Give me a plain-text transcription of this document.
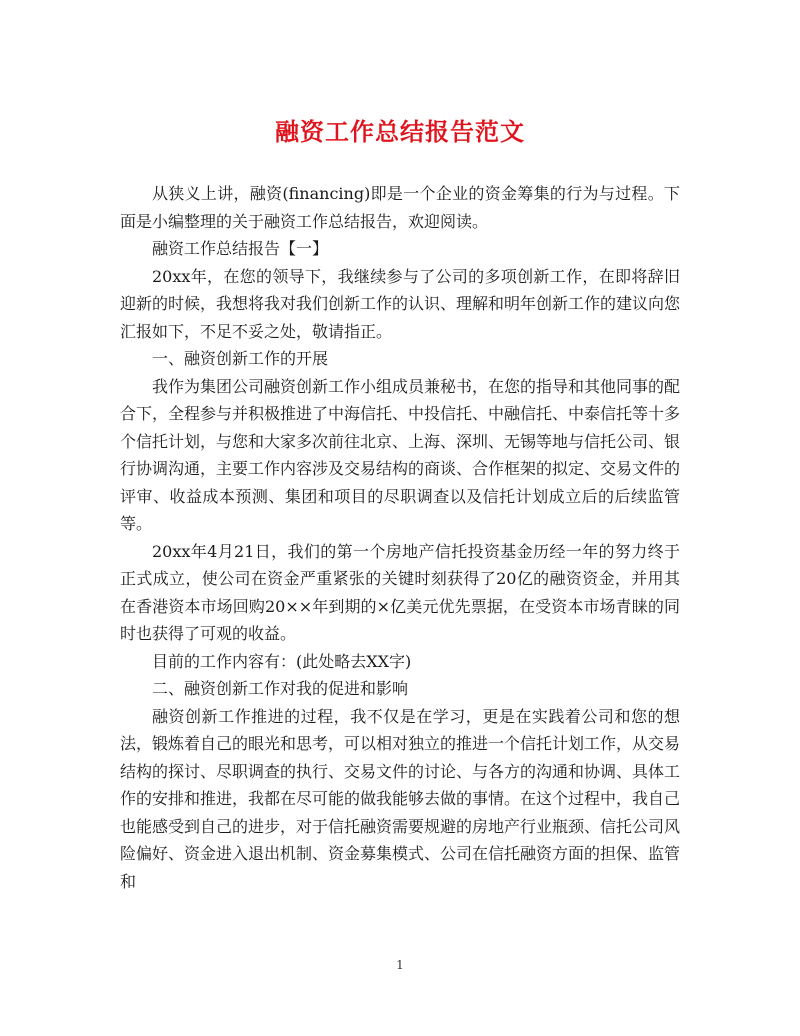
融资工作总结报告范文

从狭义上讲，融资(financing)即是一个企业的资金筹集的行为与过程。下面是小编整理的关于融资工作总结报告，欢迎阅读。

融资工作总结报告【一】

20xx年，在您的领导下，我继续参与了公司的多项创新工作，在即将辞旧迎新的时候，我想将我对我们创新工作的认识、理解和明年创新工作的建议向您汇报如下，不足不妥之处，敬请指正。

一、融资创新工作的开展

我作为集团公司融资创新工作小组成员兼秘书，在您的指导和其他同事的配合下，全程参与并积极推进了中海信托、中投信托、中融信托、中泰信托等十多个信托计划，与您和大家多次前往北京、上海、深圳、无锡等地与信托公司、银行协调沟通，主要工作内容涉及交易结构的商谈、合作框架的拟定、交易文件的评审、收益成本预测、集团和项目的尽职调查以及信托计划成立后的后续监管等。

20xx年4月21日，我们的第一个房地产信托投资基金历经一年的努力终于正式成立，使公司在资金严重紧张的关键时刻获得了20亿的融资资金，并用其在香港资本市场回购20××年到期的×亿美元优先票据，在受资本市场青睐的同时也获得了可观的收益。

目前的工作内容有：(此处略去XX字)

二、融资创新工作对我的促进和影响

融资创新工作推进的过程，我不仅是在学习，更是在实践着公司和您的想法，锻炼着自己的眼光和思考，可以相对独立的推进一个信托计划工作，从交易结构的探讨、尽职调查的执行、交易文件的讨论、与各方的沟通和协调、具体工作的安排和推进，我都在尽可能的做我能够去做的事情。在这个过程中，我自己也能感受到自己的进步，对于信托融资需要规避的房地产行业瓶颈、信托公司风险偏好、资金进入退出机制、资金募集模式、公司在信托融资方面的担保、监管和

1
